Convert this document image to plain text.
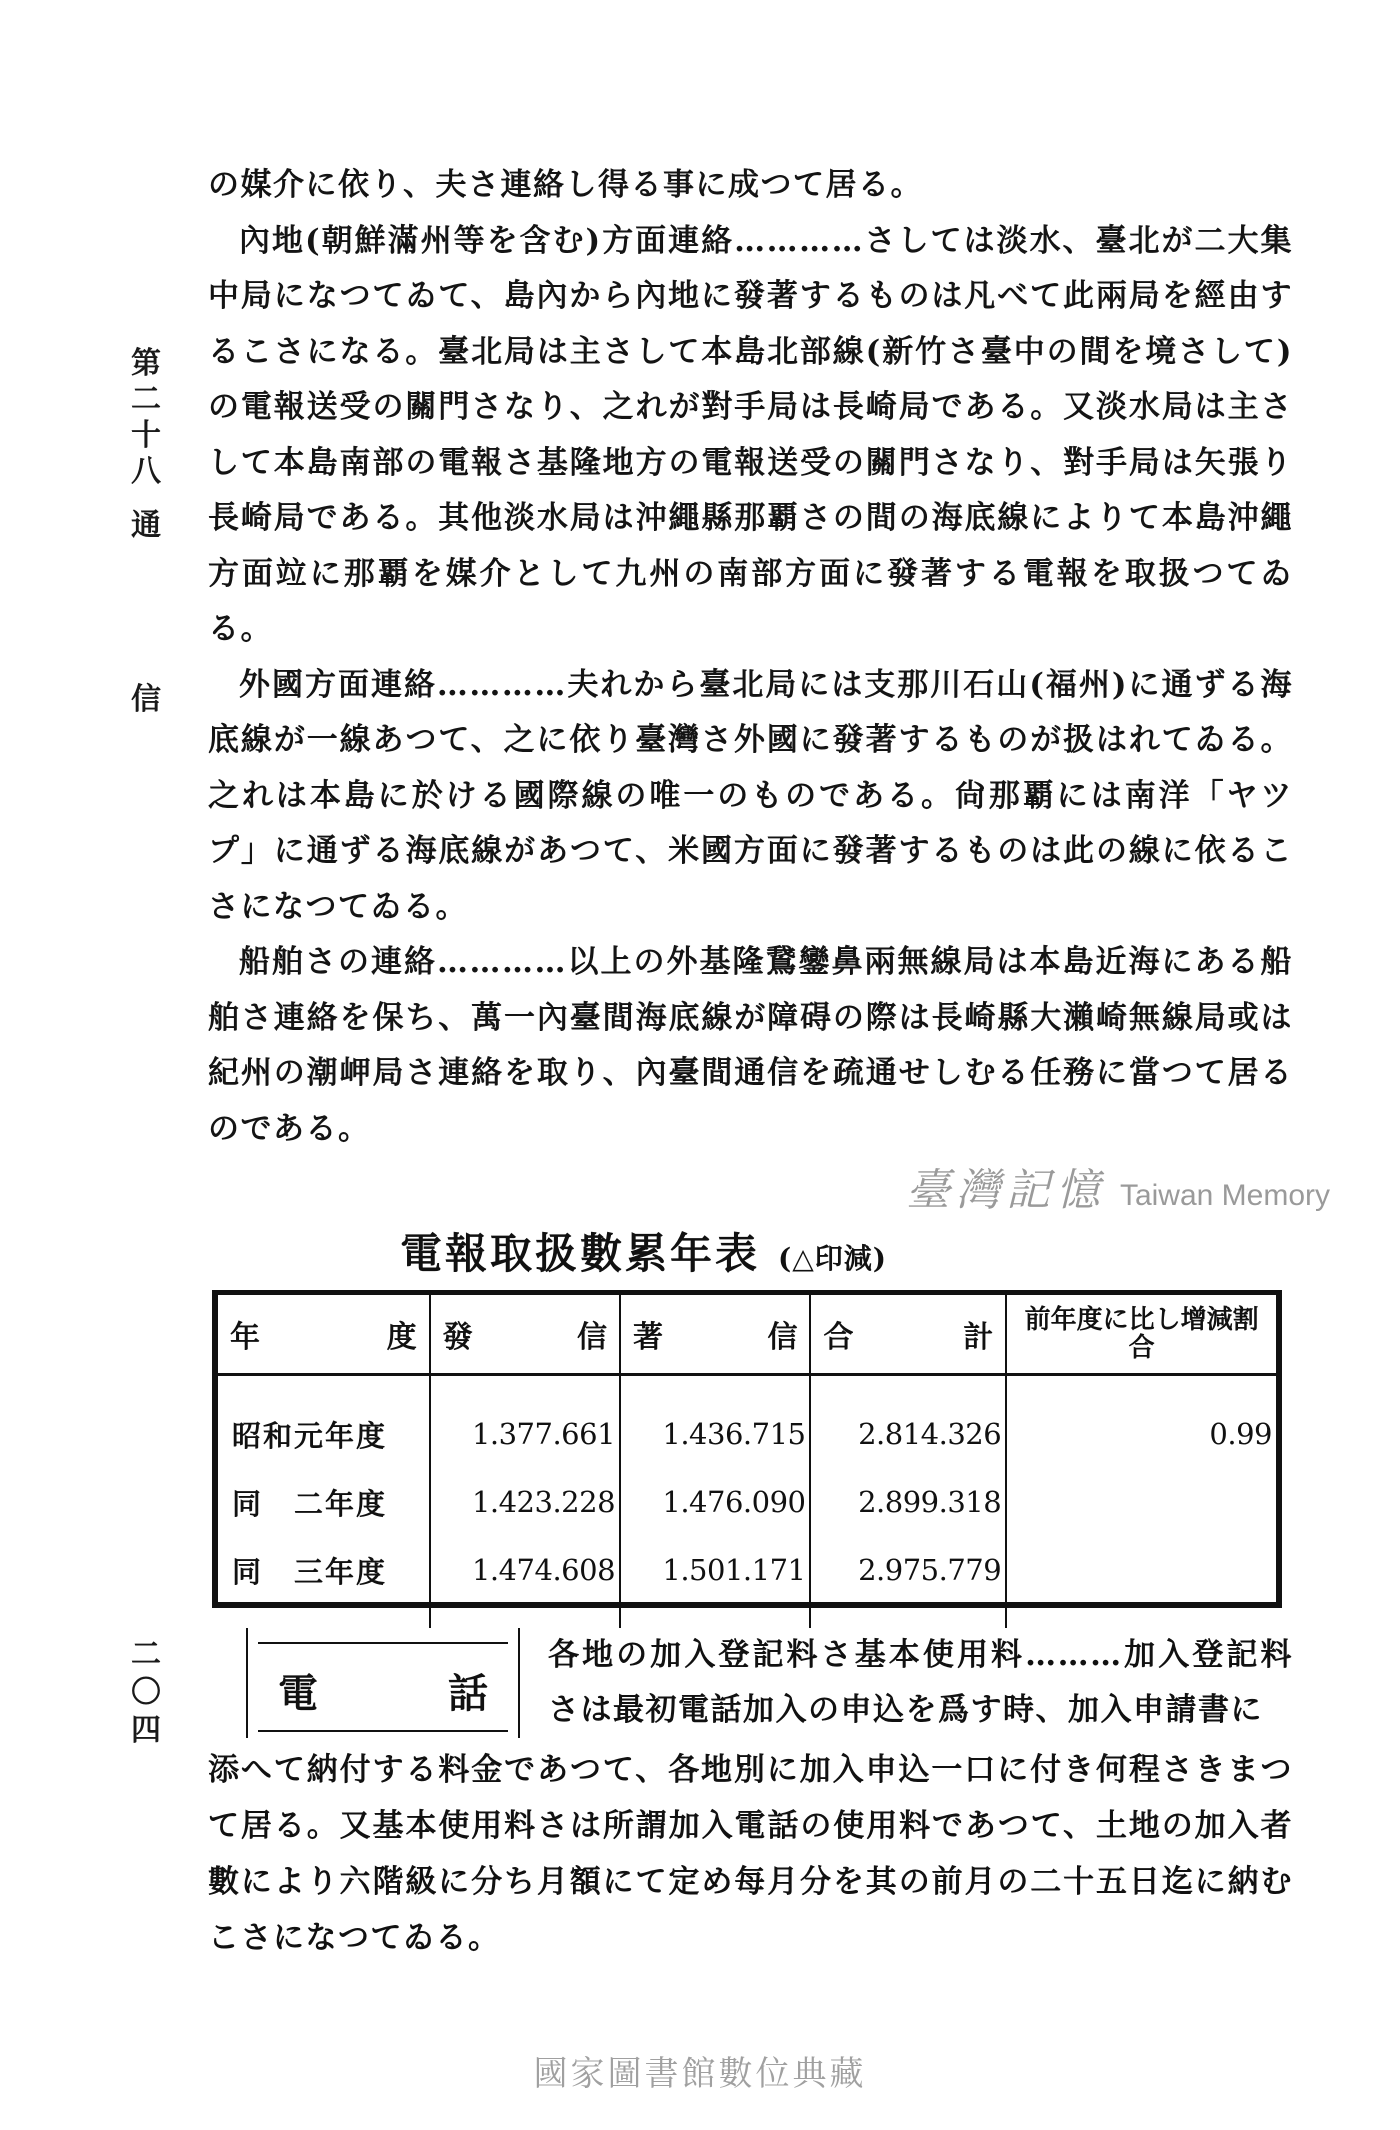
第
二
十
八
通
信
二
〇
四

の媒介に依り、夫さ連絡し得る事に成つて居る。

內地(朝鮮滿州等を含む)方面連絡…………さしては淡水、臺北が二大集中局になつてゐて、島內から內地に發著するものは凡べて此兩局を經由するこさになる。臺北局は主さして本島北部線(新竹さ臺中の間を境さして)の電報送受の關門さなり、之れが對手局は長崎局である。又淡水局は主さして本島南部の電報さ基隆地方の電報送受の關門さなり、對手局は矢張り長崎局である。其他淡水局は沖繩縣那覇さの間の海底線によりて本島沖繩方面竝に那覇を媒介として九州の南部方面に發著する電報を取扱つてゐる。

外國方面連絡…………夫れから臺北局には支那川石山(福州)に通ずる海底線が一線あつて、之に依り臺灣さ外國に發著するものが扱はれてゐる。之れは本島に於ける國際線の唯一のものである。尙那覇には南洋「ヤツプ」に通ずる海底線があつて、米國方面に發著するものは此の線に依るこさになつてゐる。

船舶さの連絡…………以上の外基隆鵞鑾鼻兩無線局は本島近海にある船舶さ連絡を保ち、萬一內臺間海底線が障碍の際は長崎縣大瀨崎無線局或は紀州の潮岬局さ連絡を取り、內臺間通信を疏通せしむる任務に當つて居るのである。

臺灣記憶 Taiwan Memory
電報取扱數累年表 (△印減)
年 度	發 信	著 信	合 計	前年度に比し增減割合
昭和元年度	1.377.661	1.436.715	2.814.326	0.99
同　二年度	1.423.228	1.476.090	2.899.318	
同　三年度	1.474.608	1.501.171	2.975.779	

電	話
各地の加入登記料さ基本使用料………加入登記料さは最初電話加入の申込を爲す時、加入申請書に
添へて納付する料金であつて、各地別に加入申込一口に付き何程さきまつて居る。又基本使用料さは所謂加入電話の使用料であつて、土地の加入者數により六階級に分ち月額にて定め每月分を其の前月の二十五日迄に納むこさになつてゐる。
國家圖書館數位典藏
